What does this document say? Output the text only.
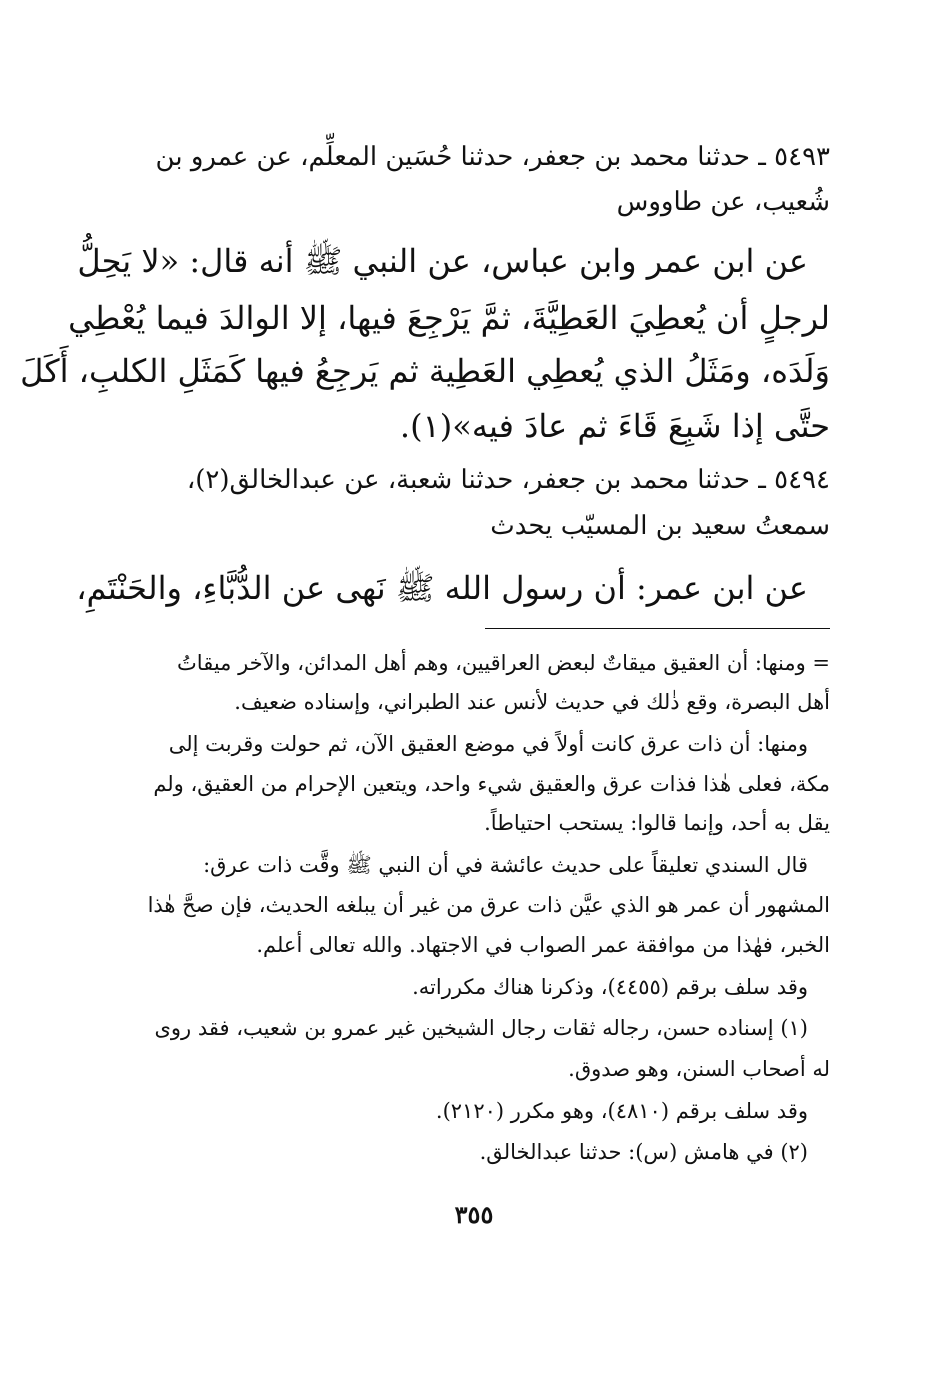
٥٤٩٣ ـ حدثنا محمد بن جعفر، حدثنا حُسَين المعلِّم، عن عمرو بن
شُعيب، عن طاووس
عن ابن عمر وابن عباس، عن النبي ﷺ أنه قال: «لا يَحِلُّ
لرجلٍ أن يُعطِيَ العَطِيَّةَ، ثمَّ يَرْجِعَ فيها، إلا الوالدَ فيما يُعْطِي
وَلَدَه، ومَثَلُ الذي يُعطِي العَطِية ثم يَرجِعُ فيها كَمَثَلِ الكلبِ، أَكَلَ
حتَّى إذا شَبِعَ قَاءَ ثم عادَ فيه»(١).
٥٤٩٤ ـ حدثنا محمد بن جعفر، حدثنا شعبة، عن عبدالخالق(٢)،
سمعتُ سعيد بن المسيّب يحدث
عن ابن عمر: أن رسول الله ﷺ نَهى عن الدُّبَّاءِ، والحَنْتَمِ،
= ومنها: أن العقيق ميقاتٌ لبعض العراقيين، وهم أهل المدائن، والآخر ميقاتُ
أهل البصرة، وقع ذٰلك في حديث لأنس عند الطبراني، وإسناده ضعيف.
ومنها: أن ذات عرق كانت أولاً في موضع العقيق الآن، ثم حولت وقربت إلى
مكة، فعلى هٰذا فذات عرق والعقيق شيء واحد، ويتعين الإحرام من العقيق، ولم
يقل به أحد، وإنما قالوا: يستحب احتياطاً.
قال السندي تعليقاً على حديث عائشة في أن النبي ﷺ وقَّت ذات عرق:
المشهور أن عمر هو الذي عيَّن ذات عرق من غير أن يبلغه الحديث، فإن صحَّ هٰذا
الخبر، فهٰذا من موافقة عمر الصواب في الاجتهاد. والله تعالى أعلم.
وقد سلف برقم (٤٤٥٥)، وذكرنا هناك مكرراته.
(١) إسناده حسن، رجاله ثقات رجال الشيخين غير عمرو بن شعيب، فقد روى
له أصحاب السنن، وهو صدوق.
وقد سلف برقم (٤٨١٠)، وهو مكرر (٢١٢٠).
(٢) في هامش (س): حدثنا عبدالخالق.
٣٥٥
